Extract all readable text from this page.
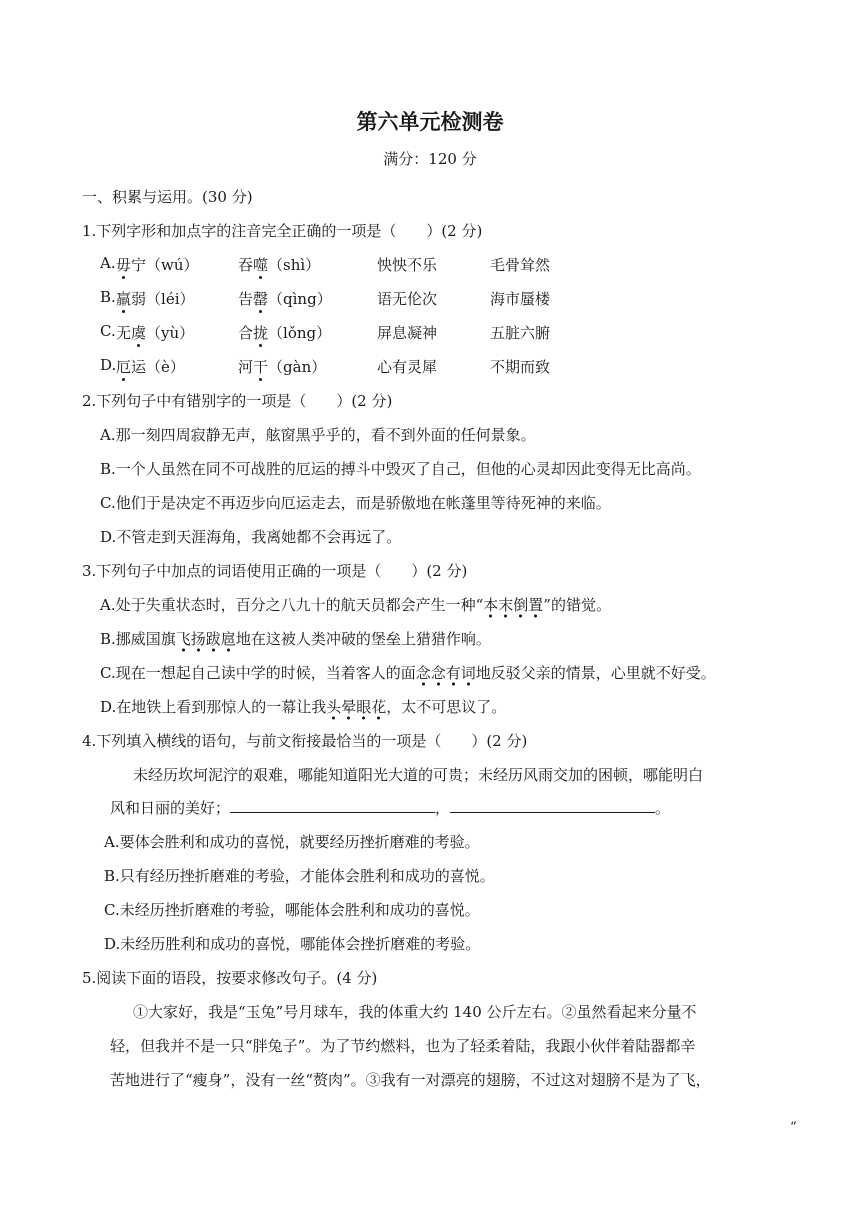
第六单元检测卷
满分：120 分
一、积累与运用。(30 分)
1.下列字形和加点字的注音完全正确的一项是（　　）(2 分)
A. 毋宁（wú）	吞噬（shì）	怏怏不乐	毛骨耸然
B. 羸弱（léi）	告罄（qìng）	语无伦次	海市蜃楼
C. 无虞（yù）	合拢（lǒng）	屏息凝神	五脏六腑
D. 厄运（è）	河干（gàn）	心有灵犀	不期而致
2.下列句子中有错别字的一项是（　　）(2 分)
A.那一刻四周寂静无声，舷窗黑乎乎的，看不到外面的任何景象。
B.一个人虽然在同不可战胜的厄运的搏斗中毁灭了自己，但他的心灵却因此变得无比高尚。
C.他们于是决定不再迈步向厄运走去，而是骄傲地在帐蓬里等待死神的来临。
D.不管走到天涯海角，我离她都不会再远了。
3.下列句子中加点的词语使用正确的一项是（　　）(2 分)
A.处于失重状态时，百分之八九十的航天员都会产生一种“本末倒置”的错觉。
B.挪威国旗飞扬跋扈地在这被人类冲破的堡垒上猎猎作响。
C.现在一想起自己读中学的时候，当着客人的面念念有词地反驳父亲的情景，心里就不好受。
D.在地铁上看到那惊人的一幕让我头晕眼花，太不可思议了。
4.下列填入横线的语句，与前文衔接最恰当的一项是（　　）(2 分)
未经历坎坷泥泞的艰难，哪能知道阳光大道的可贵；未经历风雨交加的困顿，哪能明白
风和日丽的美好；	，	。
A.要体会胜利和成功的喜悦，就要经历挫折磨难的考验。
B.只有经历挫折磨难的考验，才能体会胜利和成功的喜悦。
C.未经历挫折磨难的考验，哪能体会胜利和成功的喜悦。
D.未经历胜利和成功的喜悦，哪能体会挫折磨难的考验。
5.阅读下面的语段，按要求修改句子。(4 分)
①大家好，我是“玉兔”号月球车，我的体重大约 140 公斤左右。②虽然看起来分量不
轻，但我并不是一只“胖兔子”。为了节约燃料，也为了轻柔着陆，我跟小伙伴着陆器都辛
苦地进行了“瘦身”，没有一丝“赘肉”。③我有一对漂亮的翅膀，不过这对翅膀不是为了飞，
“
